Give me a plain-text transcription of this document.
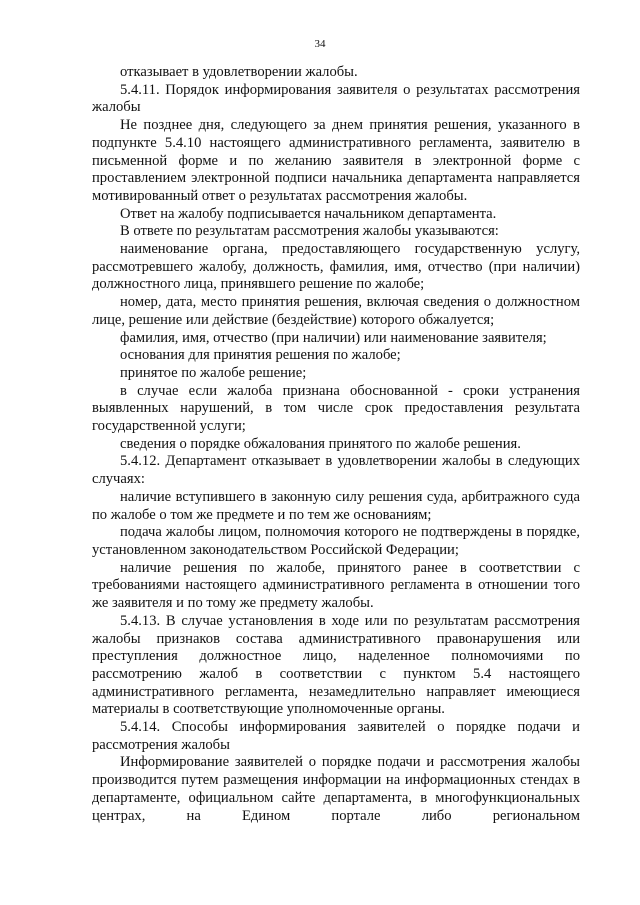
34

отказывает в удовлетворении жалобы.

5.4.11. Порядок информирования заявителя о результатах рассмотрения жалобы

Не позднее дня, следующего за днем принятия решения, указанного в подпункте 5.4.10 настоящего административного регламента, заявителю в письменной форме и по желанию заявителя в электронной форме с проставлением электронной подписи начальника департамента направляется мотивированный ответ о результатах рассмотрения жалобы.

Ответ на жалобу подписывается начальником департамента.

В ответе по результатам рассмотрения жалобы указываются:

наименование органа, предоставляющего государственную услугу, рассмотревшего жалобу, должность, фамилия, имя, отчество (при наличии) должностного лица, принявшего решение по жалобе;

номер, дата, место принятия решения, включая сведения о должностном лице, решение или действие (бездействие) которого обжалуется;

фамилия, имя, отчество (при наличии) или наименование заявителя;

основания для принятия решения по жалобе;

принятое по жалобе решение;

в случае если жалоба признана обоснованной - сроки устранения выявленных нарушений, в том числе срок предоставления результата государственной услуги;

сведения о порядке обжалования принятого по жалобе решения.

5.4.12. Департамент отказывает в удовлетворении жалобы в следующих случаях:

наличие вступившего в законную силу решения суда, арбитражного суда по жалобе о том же предмете и по тем же основаниям;

подача жалобы лицом, полномочия которого не подтверждены в порядке, установленном законодательством Российской Федерации;

наличие решения по жалобе, принятого ранее в соответствии с требованиями настоящего административного регламента в отношении того же заявителя и по тому же предмету жалобы.

5.4.13. В случае установления в ходе или по результатам рассмотрения жалобы признаков состава административного правонарушения или преступления должностное лицо, наделенное полномочиями по рассмотрению жалоб в соответствии с пунктом 5.4 настоящего административного регламента, незамедлительно направляет имеющиеся материалы в соответствующие уполномоченные органы.

5.4.14. Способы информирования заявителей о порядке подачи и рассмотрения жалобы

Информирование заявителей о порядке подачи и рассмотрения жалобы производится путем размещения информации на информационных стендах в департаменте, официальном сайте департамента, в многофункциональных центрах, на Едином портале либо региональном
